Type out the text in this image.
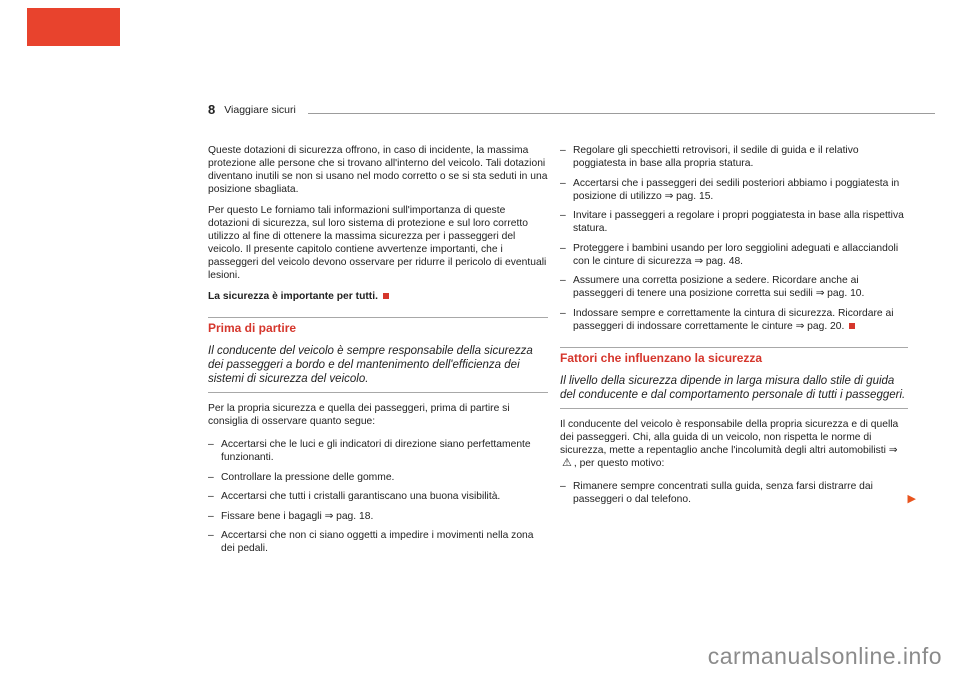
8 Viaggiare sicuri

Queste dotazioni di sicurezza offrono, in caso di incidente, la massima protezione alle persone che si trovano all'interno del veicolo. Tali dotazioni diventano inutili se non si usano nel modo corretto o se si sta seduti in una posizione sbagliata.

Per questo Le forniamo tali informazioni sull'importanza di queste dotazioni di sicurezza, sul loro sistema di protezione e sul loro corretto utilizzo al fine di ottenere la massima sicurezza per i passeggeri del veicolo. Il presente capitolo contiene avvertenze importanti, che i passeggeri del veicolo devono osservare per ridurre il pericolo di eventuali lesioni.

La sicurezza è importante per tutti.

Prima di partire

Il conducente del veicolo è sempre responsabile della sicurezza dei passeggeri a bordo e del mantenimento dell'efficienza dei sistemi di sicurezza del veicolo.

Per la propria sicurezza e quella dei passeggeri, prima di partire si consiglia di osservare quanto segue:

– Accertarsi che le luci e gli indicatori di direzione siano perfettamente funzionanti.
– Controllare la pressione delle gomme.
– Accertarsi che tutti i cristalli garantiscano una buona visibilità.
– Fissare bene i bagagli ⇒ pag. 18.
– Accertarsi che non ci siano oggetti a impedire i movimenti nella zona dei pedali.
– Regolare gli specchietti retrovisori, il sedile di guida e il relativo poggiatesta in base alla propria statura.
– Accertarsi che i passeggeri dei sedili posteriori abbiamo i poggiatesta in posizione di utilizzo ⇒ pag. 15.
– Invitare i passeggeri a regolare i propri poggiatesta in base alla rispettiva statura.
– Proteggere i bambini usando per loro seggiolini adeguati e allacciandoli con le cinture di sicurezza ⇒ pag. 48.
– Assumere una corretta posizione a sedere. Ricordare anche ai passeggeri di tenere una posizione corretta sui sedili ⇒ pag. 10.
– Indossare sempre e correttamente la cintura di sicurezza. Ricordare ai passeggeri di indossare correttamente le cinture ⇒ pag. 20.
Fattori che influenzano la sicurezza

Il livello della sicurezza dipende in larga misura dallo stile di guida del conducente e dal comportamento personale di tutti i passeggeri.

Il conducente del veicolo è responsabile della propria sicurezza e di quella dei passeggeri. Chi, alla guida di un veicolo, non rispetta le norme di sicurezza, mette a repentaglio anche l'incolumità degli altri automobilisti ⇒ ⚠ , per questo motivo:

– Rimanere sempre concentrati sulla guida, senza farsi distrarre dai passeggeri o dal telefono.	▶
carmanualsonline.info
